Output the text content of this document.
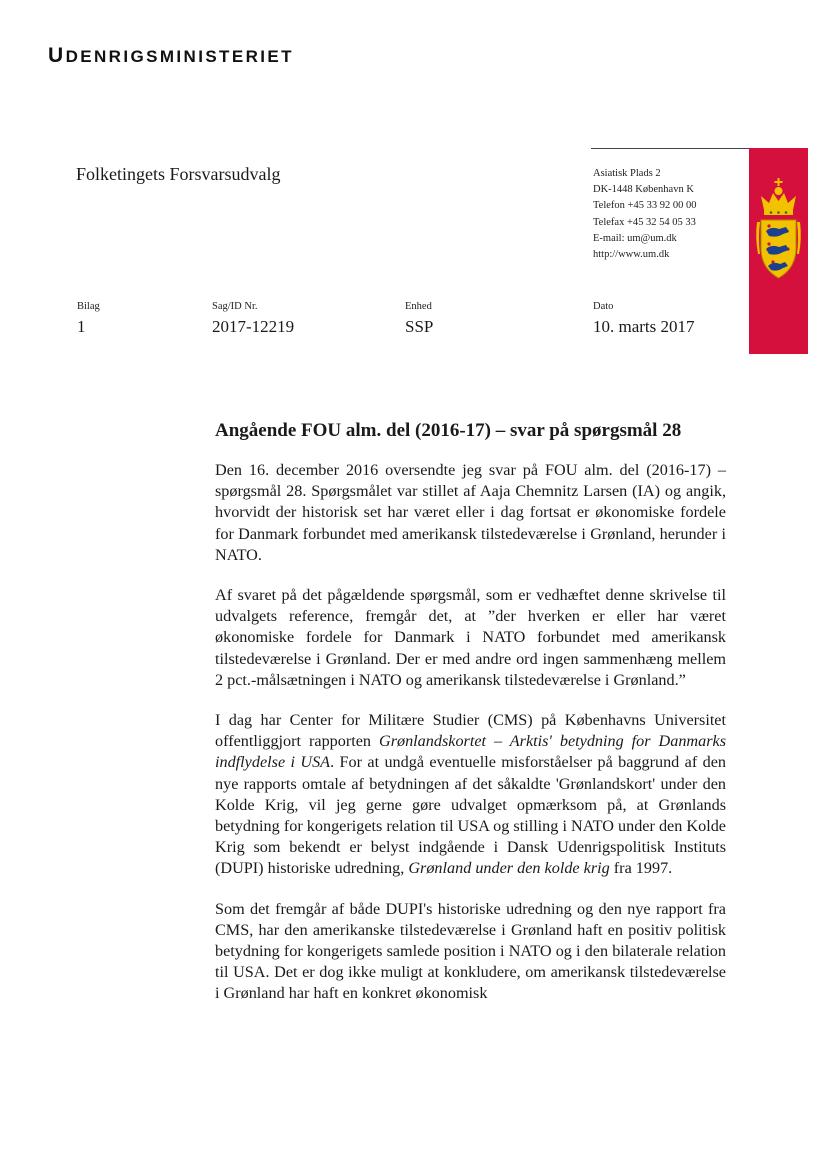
UDENRIGSMINISTERIET
Folketingets Forsvarsudvalg	Asiatisk Plads 2
DK-1448 København K
Telefon +45 33 92 00 00
Telefax +45 32 54 05 33
E-mail: um@um.dk
http://www.um.dk
Bilag
1
Sag/ID Nr.
2017-12219
Enhed
SSP
Dato
10. marts 2017
Angående FOU alm. del (2016-17) – svar på spørgsmål 28

Den 16. december 2016 oversendte jeg svar på FOU alm. del (2016-17) – spørgsmål 28. Spørgsmålet var stillet af Aaja Chemnitz Larsen (IA) og angik, hvorvidt der historisk set har været eller i dag fortsat er økonomiske fordele for Danmark forbundet med amerikansk tilstedeværelse i Grønland, herunder i NATO.

Af svaret på det pågældende spørgsmål, som er vedhæftet denne skrivelse til udvalgets reference, fremgår det, at ”der hverken er eller har været økonomiske fordele for Danmark i NATO forbundet med amerikansk tilstedeværelse i Grønland. Der er med andre ord ingen sammenhæng mellem 2 pct.-målsætningen i NATO og amerikansk tilstedeværelse i Grønland.”

I dag har Center for Militære Studier (CMS) på Københavns Universitet offentliggjort rapporten Grønlandskortet – Arktis' betydning for Danmarks indflydelse i USA. For at undgå eventuelle misforståelser på baggrund af den nye rapports omtale af betydningen af det såkaldte 'Grønlandskort' under den Kolde Krig, vil jeg gerne gøre udvalget opmærksom på, at Grønlands betydning for kongerigets relation til USA og stilling i NATO under den Kolde Krig som bekendt er belyst indgående i Dansk Udenrigspolitisk Instituts (DUPI) historiske udredning, Grønland under den kolde krig fra 1997.

Som det fremgår af både DUPI's historiske udredning og den nye rapport fra CMS, har den amerikanske tilstedeværelse i Grønland haft en positiv politisk betydning for kongerigets samlede position i NATO og i den bilaterale relation til USA. Det er dog ikke muligt at konkludere, om amerikansk tilstedeværelse i Grønland har haft en konkret økonomisk
